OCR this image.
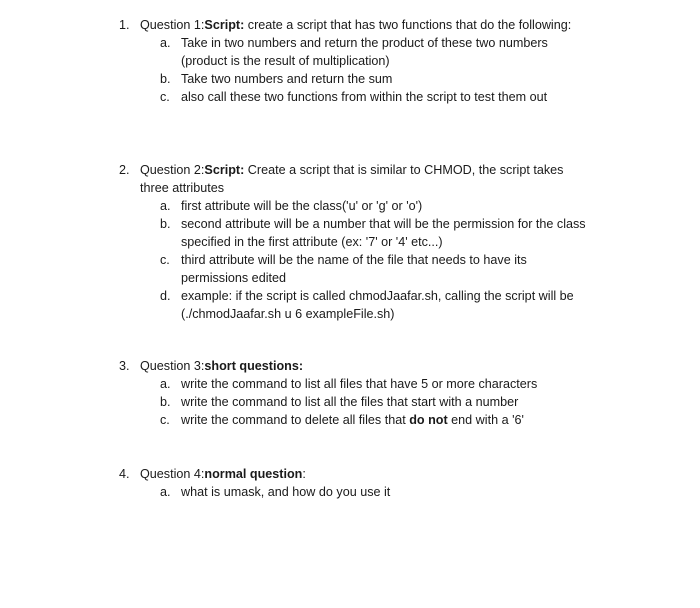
1. Question 1:Script: create a script that has two functions that do the following:
a. Take in two numbers and return the product of these two numbers
(product is the result of multiplication)
b. Take two numbers and return the sum
c. also call these two functions from within the script to test them out
2. Question 2:Script: Create a script that is similar to CHMOD, the script takes
three attributes
a. first attribute will be the class('u' or 'g' or 'o')
b. second attribute will be a number that will be the permission for the class
specified in the first attribute (ex: '7' or '4' etc...)
c. third attribute will be the name of the file that needs to have its
permissions edited
d. example: if the script is called chmodJaafar.sh, calling the script will be
(./chmodJaafar.sh u 6 exampleFile.sh)
3. Question 3:short questions:
a. write the command to list all files that have 5 or more characters
b. write the command to list all the files that start with a number
c. write the command to delete all files that do not end with a '6'
4. Question 4:normal question:
a. what is umask, and how do you use it
